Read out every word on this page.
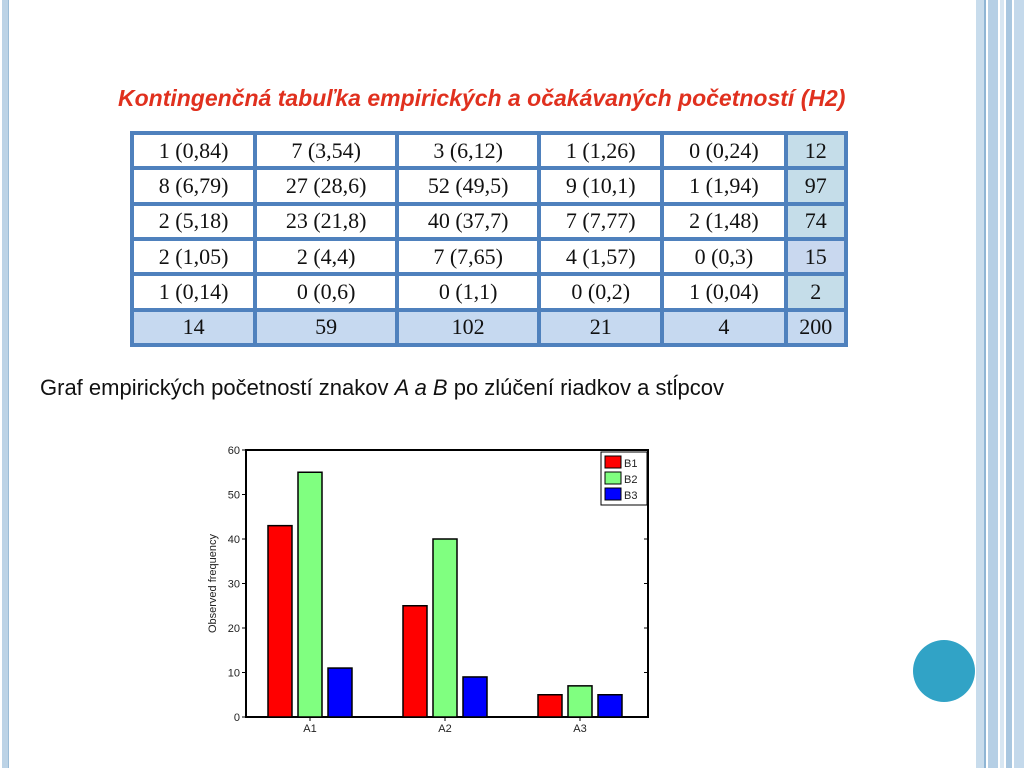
Kontingenčná tabuľka empirických a očakávaných početností (H2)
1 (0,84)	7 (3,54)	3 (6,12)	1 (1,26)	0 (0,24)	12
8 (6,79)	27 (28,6)	52 (49,5)	9 (10,1)	1 (1,94)	97
2 (5,18)	23 (21,8)	40 (37,7)	7 (7,77)	2 (1,48)	74
2 (1,05)	2 (4,4)	7 (7,65)	4 (1,57)	0 (0,3)	15
1 (0,14)	0 (0,6)	0 (1,1)	0 (0,2)	1 (0,04)	2
14	59	102	21	4	200
Graf empirických početností znakov A a B po zlúčení riadkov a stĺpcov
0
10
20
30
40
50
60
Observed frequency
A1	A2	A3
B1
B2
B3
